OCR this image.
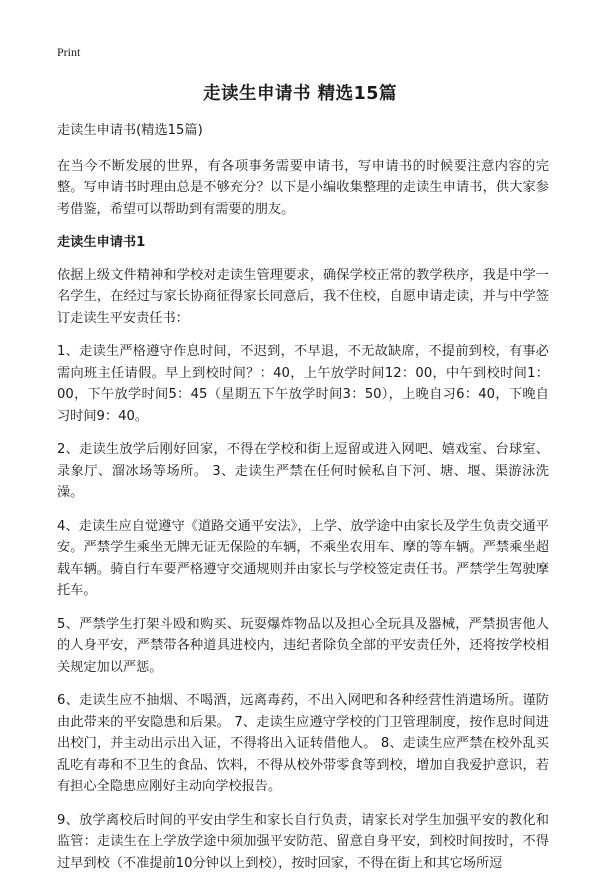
Print
走读生申请书 精选15篇

走读生申请书(精选15篇)

在当今不断发展的世界，有各项事务需要申请书，写申请书的时候要注意内容的完整。写申请书时理由总是不够充分？以下是小编收集整理的走读生申请书，供大家参考借鉴，希望可以帮助到有需要的朋友。

走读生申请书1

依据上级文件精神和学校对走读生管理要求，确保学校正常的教学秩序，我是中学一名学生，在经过与家长协商征得家长同意后，我不住校，自愿申请走读，并与中学签订走读生平安责任书：

1、走读生严格遵守作息时间，不迟到，不早退，不无故缺席，不提前到校，有事必需向班主任请假。早上到校时间？：40，上午放学时间12：00，中午到校时间1：00，下午放学时间5：45（星期五下午放学时间3：50），上晚自习6：40，下晚自习时间9：40。

2、走读生放学后刚好回家，不得在学校和街上逗留或进入网吧、嬉戏室、台球室、录象厅、溜冰场等场所。 3、走读生严禁在任何时候私自下河、塘、堰、渠游泳洗澡。

4、走读生应自觉遵守《道路交通平安法》，上学、放学途中由家长及学生负责交通平安。严禁学生乘坐无牌无证无保险的车辆，不乘坐农用车、摩的等车辆。严禁乘坐超载车辆。骑自行车要严格遵守交通规则并由家长与学校签定责任书。严禁学生驾驶摩托车。

5、严禁学生打架斗殴和购买、玩耍爆炸物品以及担心全玩具及器械，严禁损害他人的人身平安，严禁带各种道具进校内，违纪者除负全部的平安责任外，还将按学校相关规定加以严惩。

6、走读生应不抽烟、不喝酒，远离毒药，不出入网吧和各种经营性消遣场所。谨防由此带来的平安隐患和后果。 7、走读生应遵守学校的门卫管理制度，按作息时间进出校门，并主动出示出入证，不得将出入证转借他人。 8、走读生应严禁在校外乱买乱吃有毒和不卫生的食品、饮料，不得从校外带零食等到校，增加自我爱护意识，若有担心全隐患应刚好主动向学校报告。

9、放学离校后时间的平安由学生和家长自行负责，请家长对学生加强平安的教化和监管：走读生在上学放学途中须加强平安防范、留意自身平安，到校时间按时，不得过早到校（不准提前10分钟以上到校），按时回家，不得在街上和其它场所逗
